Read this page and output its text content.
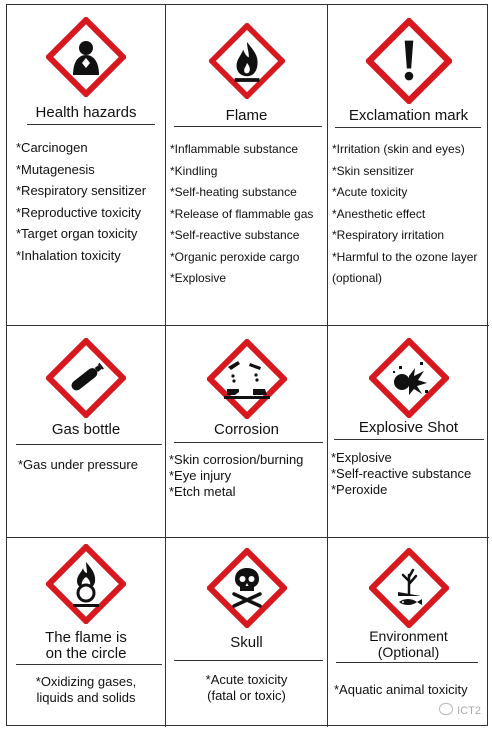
Health hazards
*Carcinogen
*Mutagenesis
*Respiratory sensitizer
*Reproductive toxicity
*Target organ toxicity
*Inhalation toxicity
Flame
*Inflammable substance
*Kindling
*Self-heating substance
*Release of flammable gas
*Self-reactive substance
*Organic peroxide cargo
*Explosive
Exclamation mark
*Irritation (skin and eyes)
*Skin sensitizer
*Acute toxicity
*Anesthetic effect
*Respiratory irritation
*Harmful to the ozone layer
(optional)
Gas bottle
*Gas under pressure
Corrosion
*Skin corrosion/burning
*Eye injury
*Etch metal
Explosive Shot
*Explosive
*Self-reactive substance
*Peroxide
The flame is
on the circle
*Oxidizing gases,
liquids and solids
Skull
*Acute toxicity
(fatal or toxic)
Environment
(Optional)
*Aquatic animal toxicity
ICT2
